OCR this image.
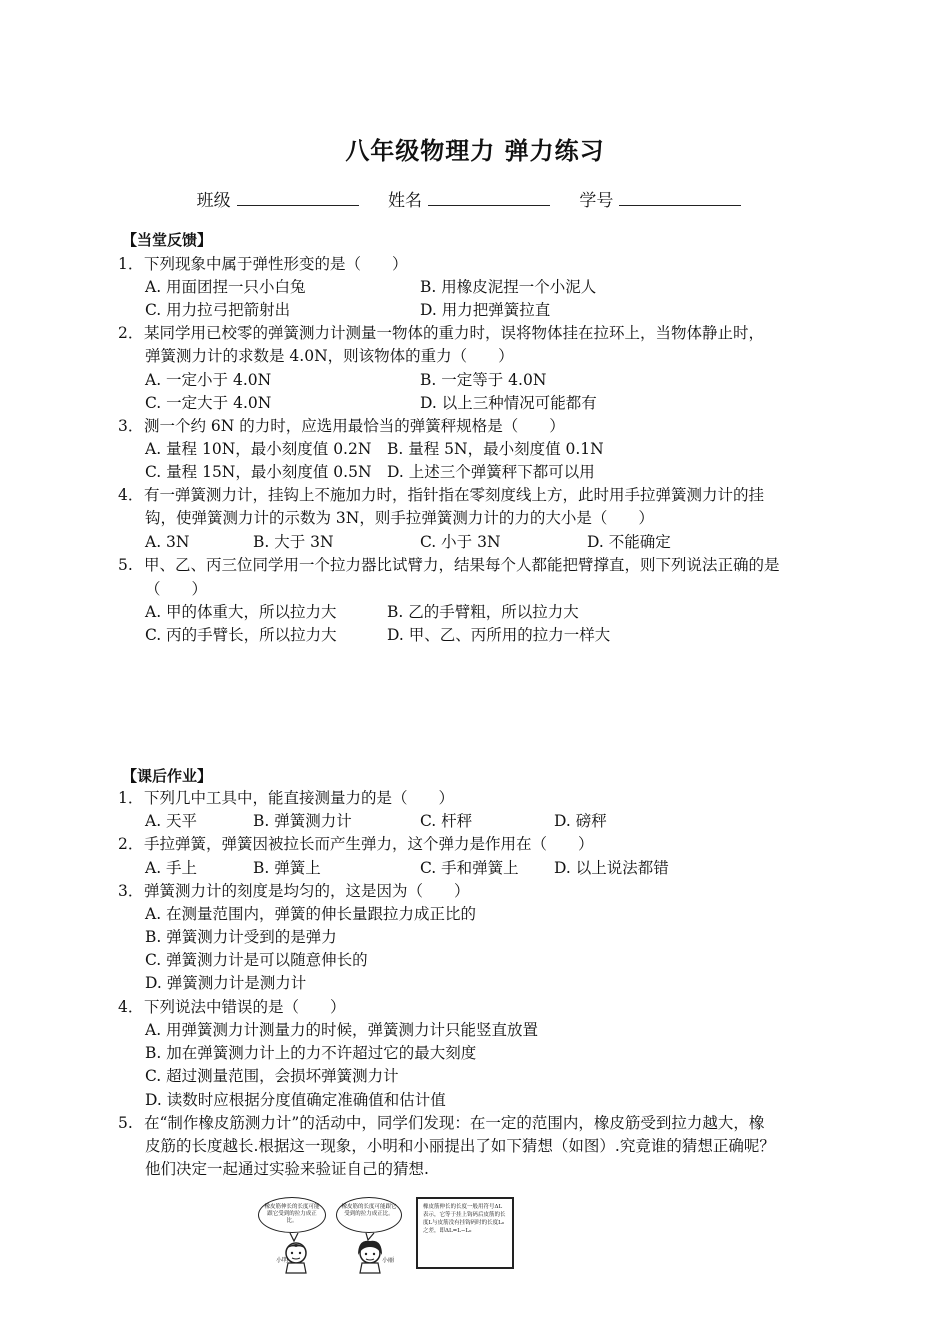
八年级物理力 弹力练习
班级	姓名	学号
【当堂反馈】
1．下列现象中属于弹性形变的是（　　）
A. 用面团捏一只小白兔	B. 用橡皮泥捏一个小泥人
C. 用力拉弓把箭射出	D. 用力把弹簧拉直
2．某同学用已校零的弹簧测力计测量一物体的重力时，误将物体挂在拉环上，当物体静止时，
弹簧测力计的求数是 4.0N，则该物体的重力（　　）
A. 一定小于 4.0N	B. 一定等于 4.0N
C. 一定大于 4.0N	D. 以上三种情况可能都有
3．测一个约 6N 的力时，应选用最恰当的弹簧秤规格是（　　）
A. 量程 10N，最小刻度值 0.2N B. 量程 5N，最小刻度值 0.1N
C. 量程 15N，最小刻度值 0.5N D. 上述三个弹簧秤下都可以用
4．有一弹簧测力计，挂钩上不施加力时，指针指在零刻度线上方，此时用手拉弹簧测力计的挂
钩，使弹簧测力计的示数为 3N，则手拉弹簧测力计的力的大小是（　　）
A. 3N	B. 大于 3N	C. 小于 3N	D. 不能确定
5. 甲、乙、丙三位同学用一个拉力器比试臂力，结果每个人都能把臂撑直，则下列说法正确的是
（　　）
A. 甲的体重大，所以拉力大	B. 乙的手臂粗，所以拉力大
C. 丙的手臂长，所以拉力大	D. 甲、乙、丙所用的拉力一样大
【课后作业】
1．下列几中工具中，能直接测量力的是（　　）
A. 天平	B. 弹簧测力计	C. 杆秤	D. 磅秤
2．手拉弹簧，弹簧因被拉长而产生弹力，这个弹力是作用在（　　）
A. 手上	B. 弹簧上	C. 手和弹簧上 D. 以上说法都错
3．弹簧测力计的刻度是均匀的，这是因为（　　）
A. 在测量范围内，弹簧的伸长量跟拉力成正比的
B. 弹簧测力计受到的是弹力
C. 弹簧测力计是可以随意伸长的
D. 弹簧测力计是测力计
4．下列说法中错误的是（　　）
A. 用弹簧测力计测量力的时候，弹簧测力计只能竖直放置
B. 加在弹簧测力计上的力不许超过它的最大刻度
C. 超过测量范围，会损坏弹簧测力计
D. 读数时应根据分度值确定准确值和估计值
5. 在“制作橡皮筋测力计”的活动中，同学们发现：在一定的范围内，橡皮筋受到拉力越大，橡
皮筋的长度越长.根据这一现象，小明和小丽提出了如下猜想（如图）.究竟谁的猜想正确呢？
他们决定一起通过实验来验证自己的猜想.
橡皮筋伸长的长度可能跟它受到的拉力成正比。
橡皮筋的长度可能跟它受到的拉力成正比。
小明	小丽
橡皮筋伸长的长度一般用符号ΔL表示，它等于挂上钩码后皮筋的长度L与皮筋没有挂钩码时的长度L₀之差，即ΔL=L−L₀
